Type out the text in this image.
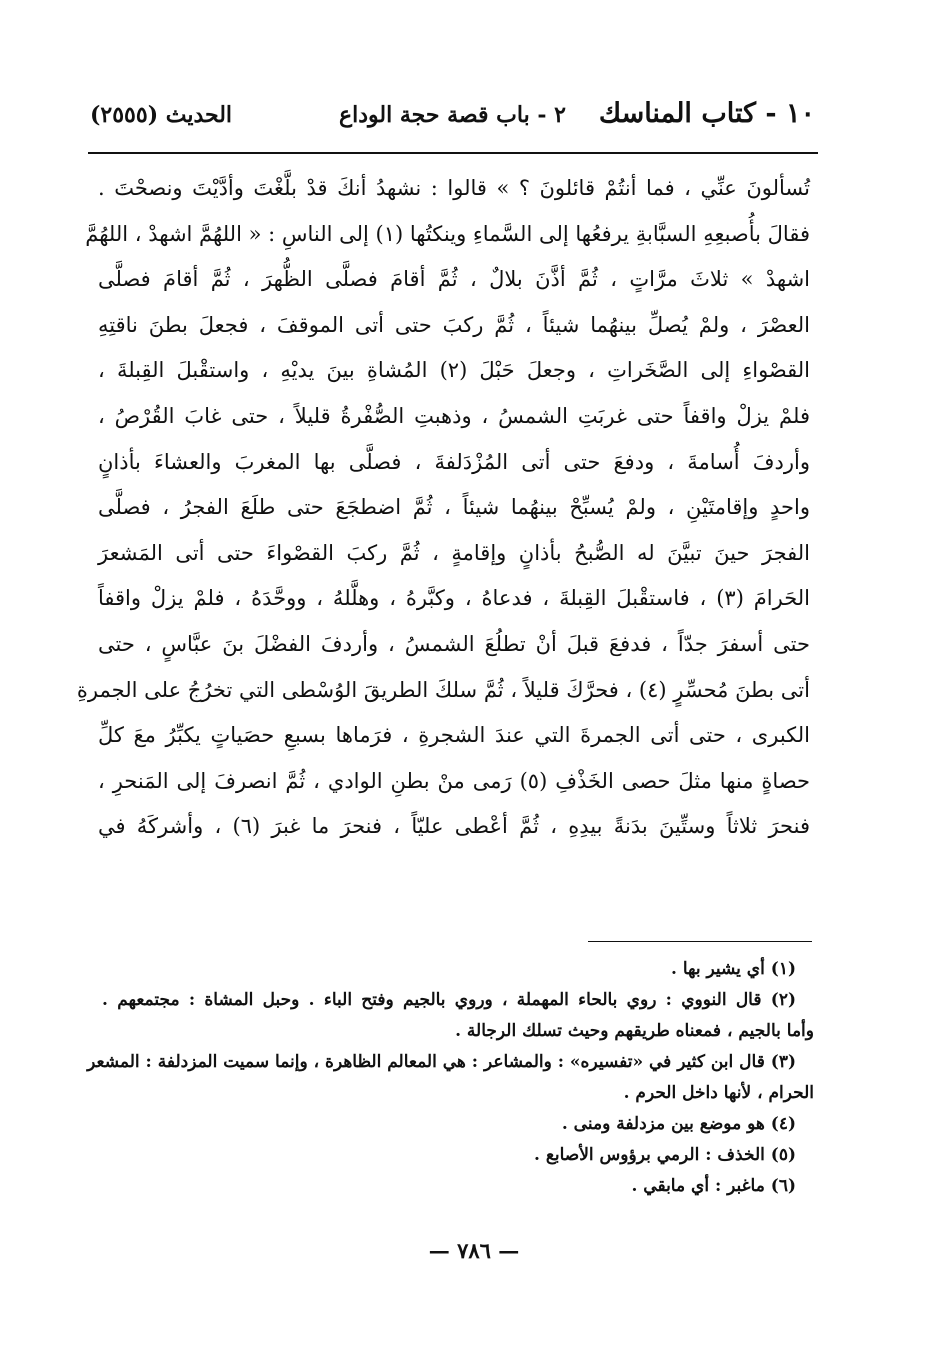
١٠ - كتاب المناسك
٢ - باب قصة حجة الوداع
الحديث (٢٥٥٥)
تُسألونَ عنِّي ، فما أنتُمْ قائلونَ ؟ » قالوا : نشهدُ أنكَ قدْ بلَّغْتَ وأدَّيْتَ ونصحْتَ .
فقالَ بأُصبعِهِ السبَّابةِ يرفعُها إلى السَّماءِ وينكتُها (١) إلى الناسِ : « اللهُمَّ اشهدْ ، اللهُمَّ
اشهدْ » ثلاثَ مرَّاتٍ ، ثُمَّ أذَّنَ بلالٌ ، ثُمَّ أقامَ فصلَّى الظُّهرَ ، ثُمَّ أقامَ فصلَّى
العصْرَ ، ولمْ يُصلِّ بينهُما شيئاً ، ثُمَّ ركبَ حتى أتى الموقفَ ، فجعلَ بطنَ ناقتِهِ
القصْواءِ إلى الصَّخَراتِ ، وجعلَ حَبْلَ (٢) المُشاةِ بينَ يديْهِ ، واستقْبلَ القِبلةَ ،
فلمْ يزلْ واقفاً حتى غربَتِ الشمسُ ، وذهبتِ الصُّفْرةُ قليلاً ، حتى غابَ القُرْصُ ،
وأردفَ أُسامةَ ، ودفعَ حتى أتى المُزْدَلفةَ ، فصلَّى بها المغربَ والعشاءَ بأذانٍ
واحدٍ وإقامتَيْنِ ، ولمْ يُسبِّحْ بينهُما شيئاً ، ثُمَّ اضطجَعَ حتى طلَعَ الفجرُ ، فصلَّى
الفجرَ حينَ تبيَّنَ له الصُّبحُ بأذانٍ وإقامةٍ ، ثُمَّ ركبَ القصْواءَ حتى أتى المَشعرَ
الحَرامَ (٣) ، فاستقْبلَ القِبلةَ ، فدعاهُ ، وكبَّرهُ ، وهلَّلهُ ، ووحَّدَهُ ، فلمْ يزلْ واقفاً
حتى أسفرَ جدّاً ، فدفعَ قبلَ أنْ تطلُعَ الشمسُ ، وأردفَ الفضْلَ بنَ عبَّاسٍ ، حتى
أتى بطنَ مُحسِّرٍ (٤) ، فحرَّكَ قليلاً ، ثُمَّ سلكَ الطريقَ الوُسْطى التي تخرُجُ على الجمرةِ
الكبرى ، حتى أتى الجمرةَ التي عندَ الشجرةِ ، فرَماها بسبعِ حصَياتٍ يكبِّرُ معَ كلِّ
حصاةٍ منها مثلَ حصى الخَذْفِ (٥) رَمى منْ بطنِ الوادي ، ثُمَّ انصرفَ إلى المَنحرِ ،
فنحرَ ثلاثاً وستِّينَ بدَنةً بيدِهِ ، ثُمَّ أعْطى عليّاً ، فنحرَ ما غبرَ (٦) ، وأشركَهُ في
(١) أي يشير بها .
(٢) قال النووي : روي بالحاء المهملة ، وروي بالجيم وفتح الباء . وحبل المشاة : مجتمعهم .
وأما بالجيم ، فمعناه طريقهم وحيث تسلك الرجالة .
(٣) قال ابن كثير في «تفسيره» : والمشاعر : هي المعالم الظاهرة ، وإنما سميت المزدلفة : المشعر
الحرام ، لأنها داخل الحرم .
(٤) هو موضع بين مزدلفة ومنى .
(٥) الخذف : الرمي برؤوس الأصابع .
(٦) ماغبر : أي مابقي .
— ٧٨٦ —
